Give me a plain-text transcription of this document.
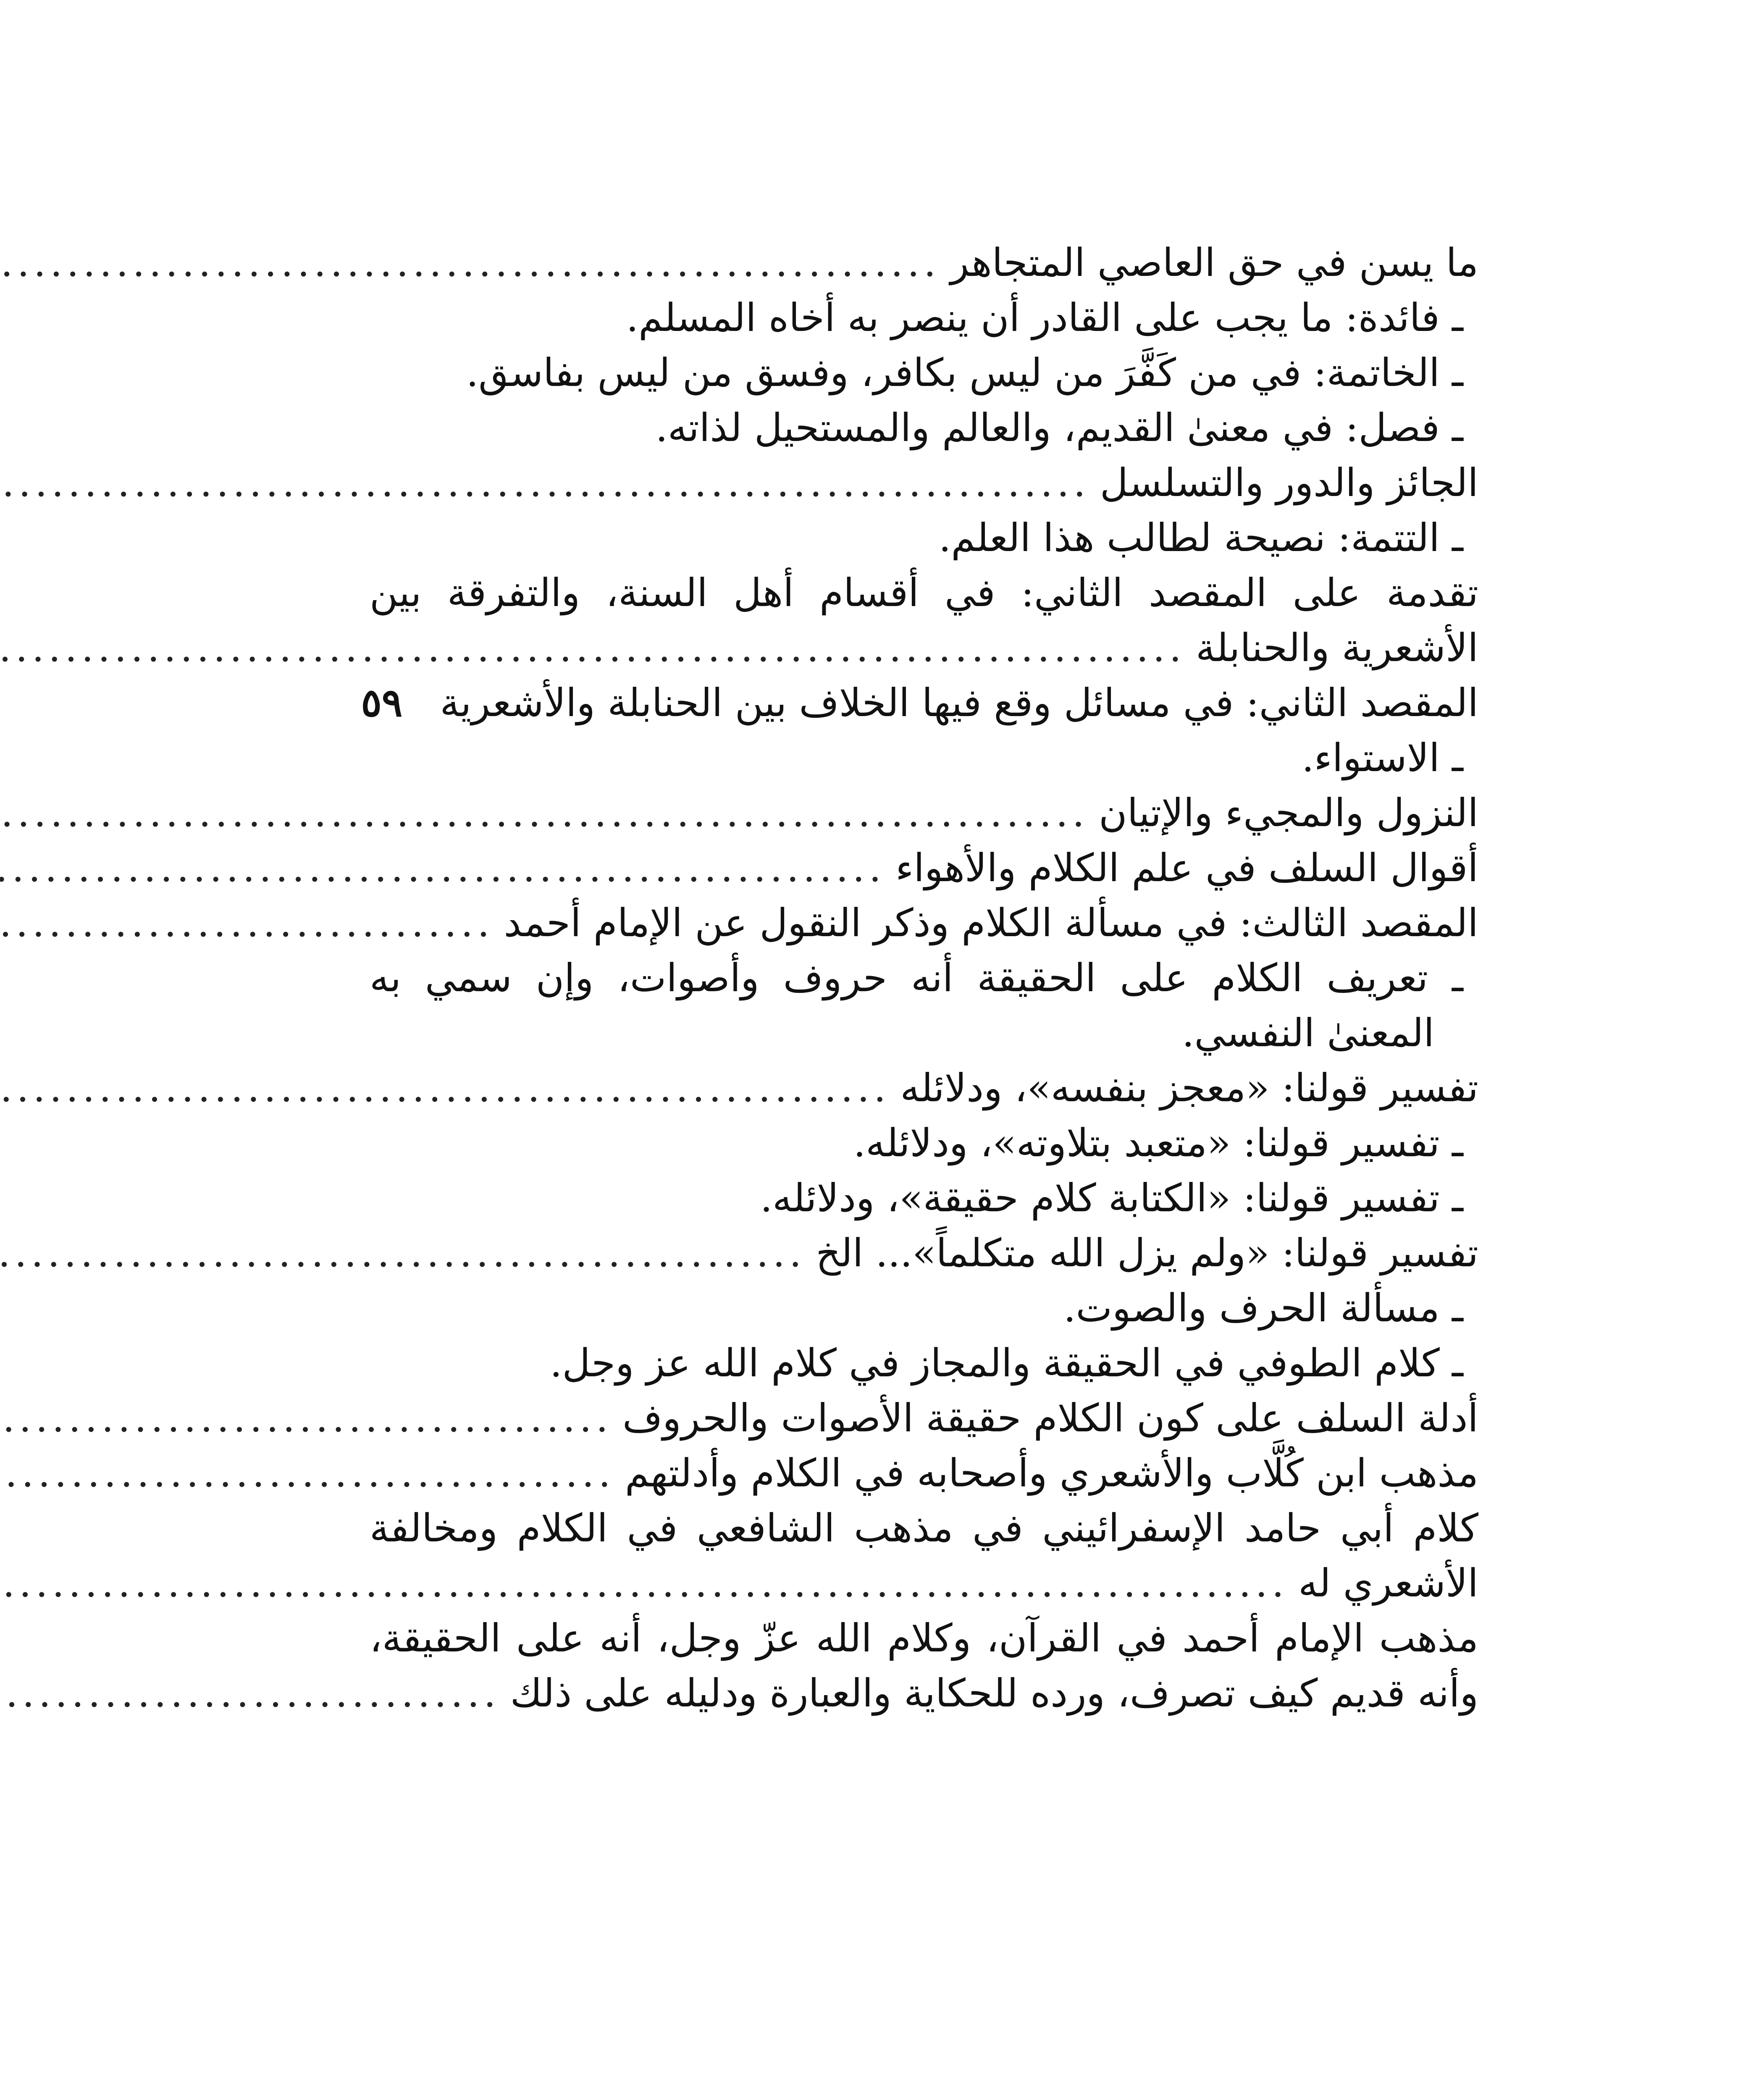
ما يسن في حق العاصي المتجاهر
.....
ـ فائدة: ما يجب على القادر أن ينصر به أخاه المسلم.
ـ الخاتمة: في من كَفَّرَ من ليس بكافر، وفسق من ليس بفاسق.
ـ فصل: في معنىٰ القديم، والعالم والمستحيل لذاته.
الجائز والدور والتسلسل
.....
ـ التتمة: نصيحة لطالب هذا العلم.
تقدمة
على
المقصد
الثاني:
في
أقسام
أهل
السنة،
والتفرقة
بين
الأشعرية والحنابلة
.....
المقصد الثاني: في مسائل وقع فيها الخلاف بين الحنابلة والأشعرية
٥٩
ـ الاستواء.
النزول والمجيء والإتيان
.....
أقوال السلف في علم الكلام والأهواء
.....
المقصد الثالث: في مسألة الكلام وذكر النقول عن الإمام أحمد
.....
ـ
تعريف
الكلام
على
الحقيقة
أنه
حروف
وأصوات،
وإن
سمي
به
المعنىٰ النفسي.
تفسير قولنا: «معجز بنفسه»، ودلائله
.....
ـ تفسير قولنا: «متعبد بتلاوته»، ودلائله.
ـ تفسير قولنا: «الكتابة كلام حقيقة»، ودلائله.
تفسير قولنا: «ولم يزل الله متكلماً»... الخ
.....
ـ مسألة الحرف والصوت.
ـ كلام الطوفي في الحقيقة والمجاز في كلام الله عز وجل.
أدلة السلف على كون الكلام حقيقة الأصوات والحروف
.....
مذهب ابن كُلَّاب والأشعري وأصحابه في الكلام وأدلتهم
.....
كلام
أبي
حامد
الإسفرائيني
في
مذهب
الشافعي
في
الكلام
ومخالفة
الأشعري له
.....
مذهب
الإمام
أحمد
في
القرآن،
وكلام
الله
عزّ
وجل،
أنه
على
الحقيقة،
وأنه قديم كيف تصرف، ورده للحكاية والعبارة ودليله على ذلك
.....
